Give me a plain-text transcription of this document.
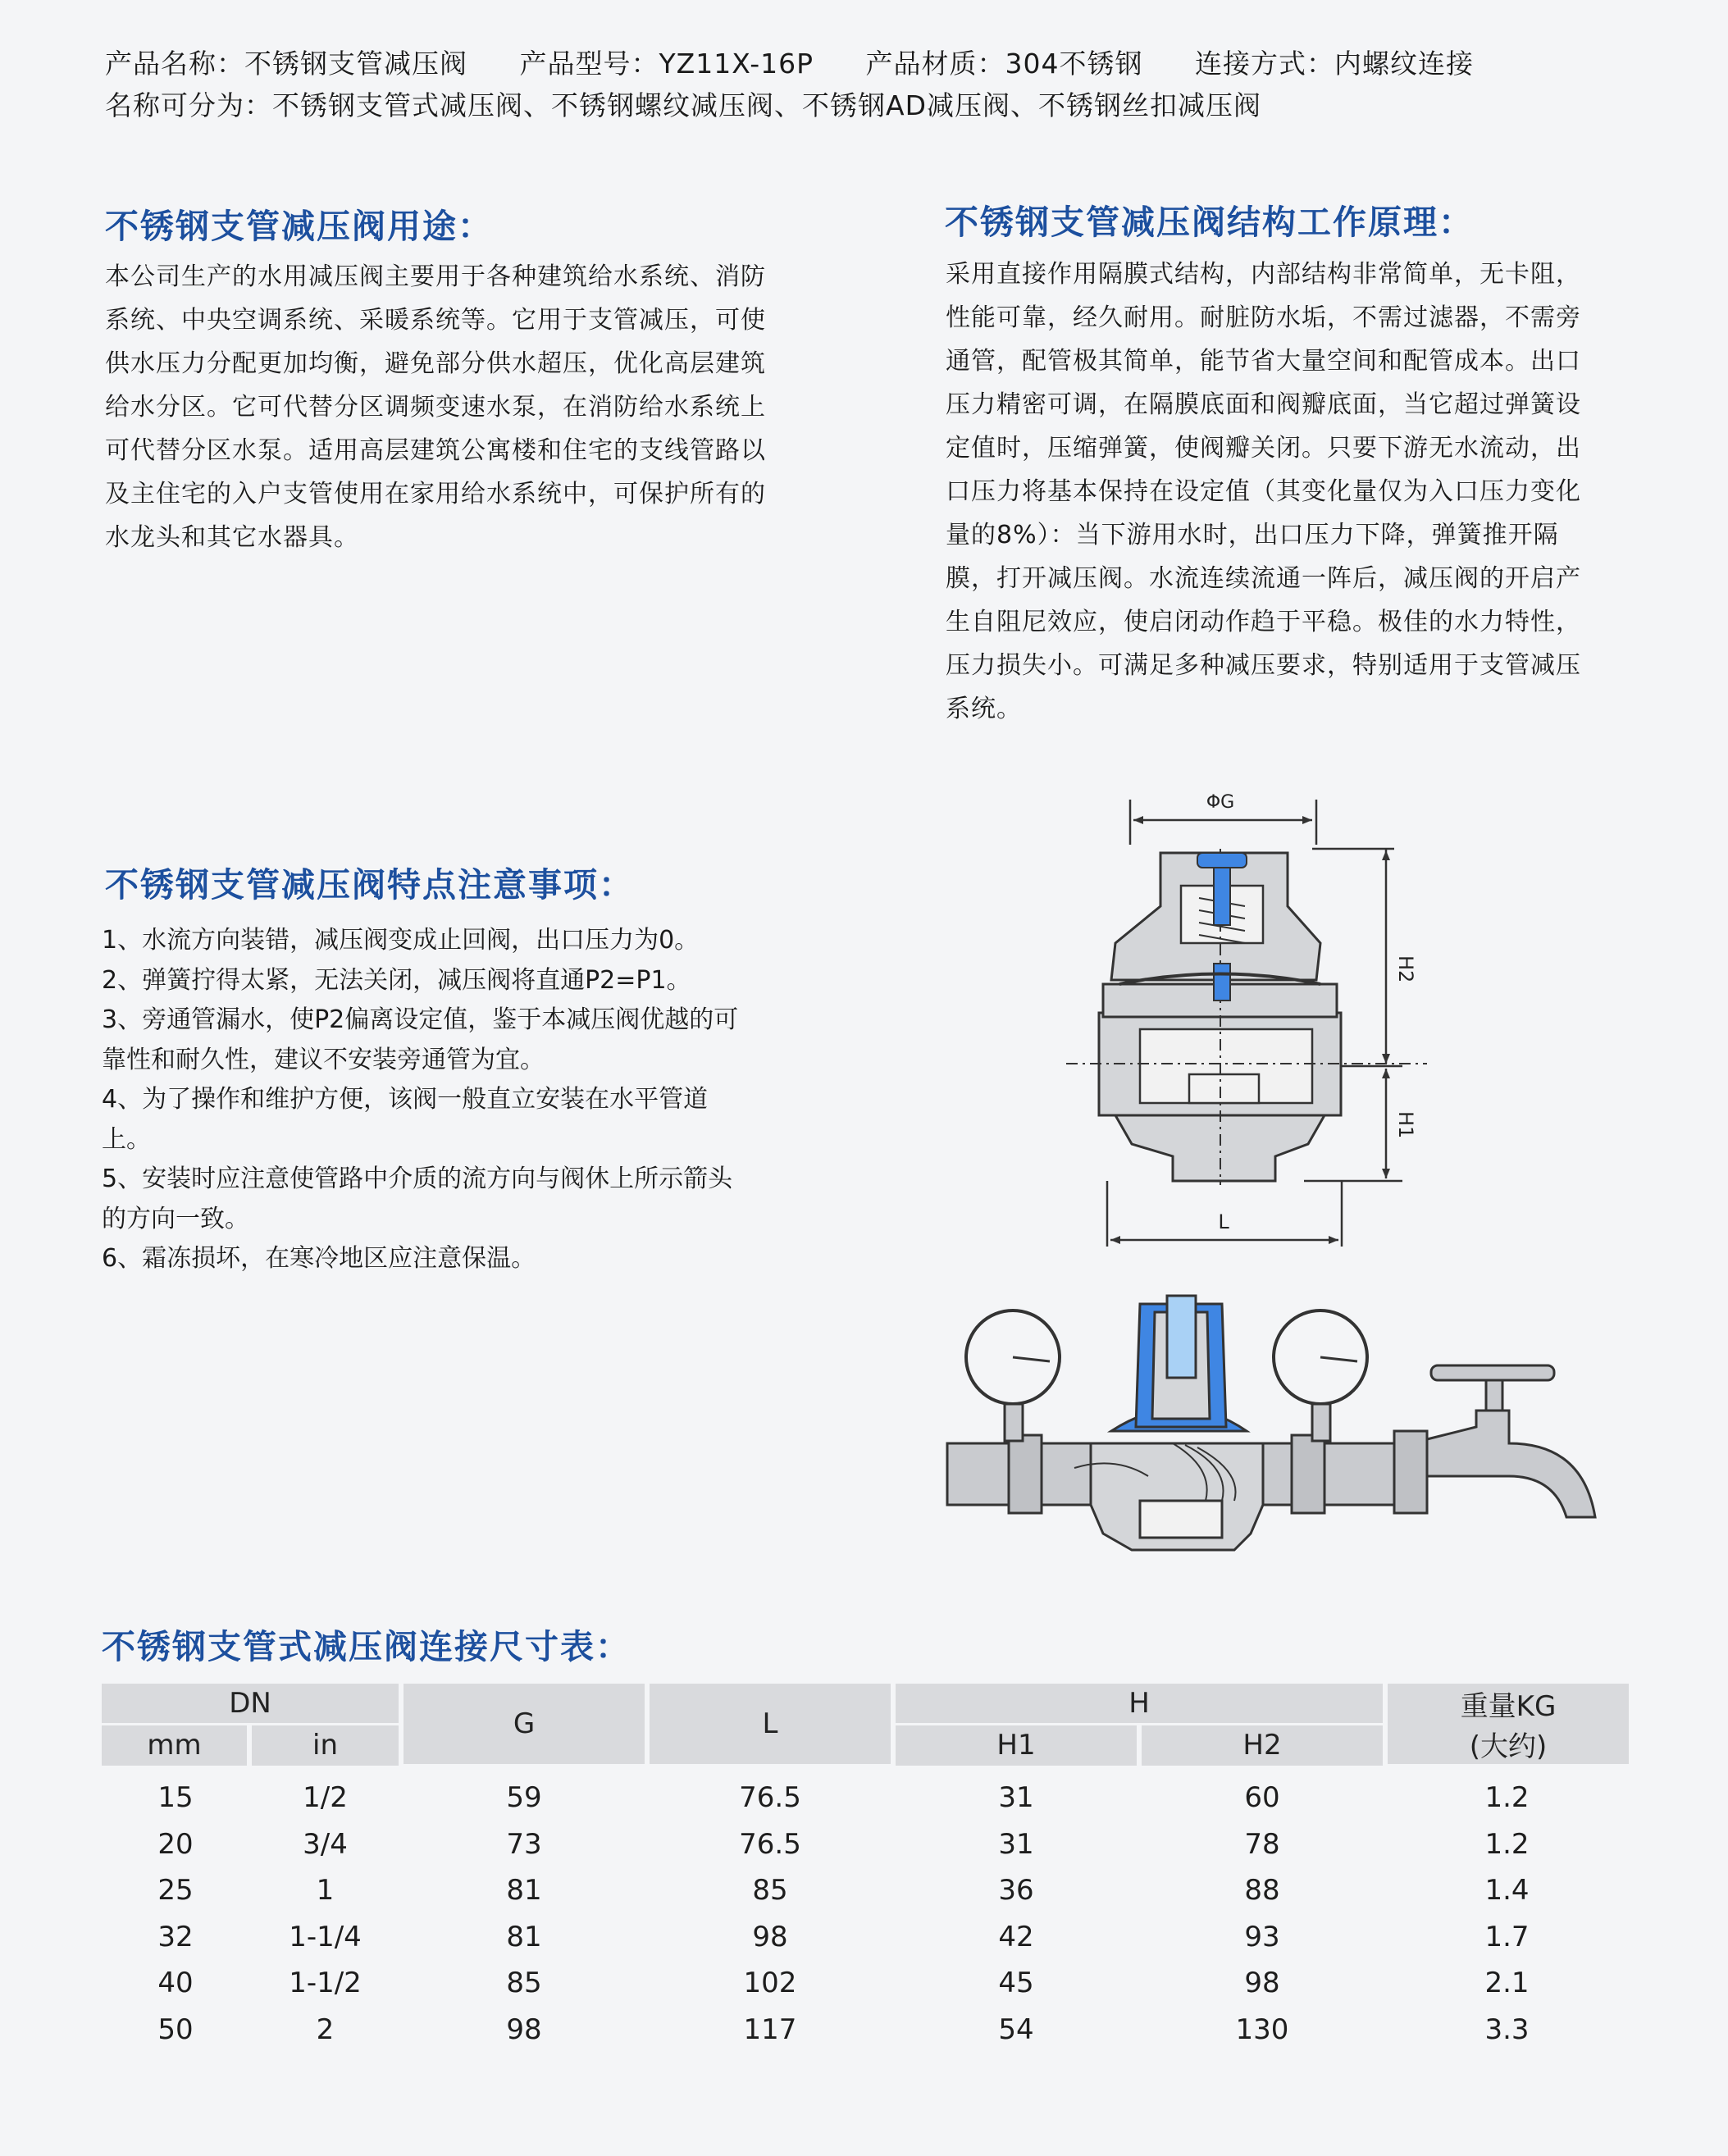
产品名称：不锈钢支管减压阀 产品型号：YZ11X-16P 产品材质：304不锈钢 连接方式：内螺纹连接
名称可分为：不锈钢支管式减压阀、不锈钢螺纹减压阀、不锈钢AD减压阀、不锈钢丝扣减压阀
不锈钢支管减压阀用途：

本公司生产的水用减压阀主要用于各种建筑给水系统、消防

系统、中央空调系统、采暖系统等。它用于支管减压，可使

供水压力分配更加均衡，避免部分供水超压，优化高层建筑

给水分区。它可代替分区调频变速水泵，在消防给水系统上

可代替分区水泵。适用高层建筑公寓楼和住宅的支线管路以

及主住宅的入户支管使用在家用给水系统中，可保护所有的

水龙头和其它水器具。

不锈钢支管减压阀结构工作原理：

采用直接作用隔膜式结构，内部结构非常简单，无卡阻，

性能可靠，经久耐用。耐脏防水垢，不需过滤器，不需旁

通管，配管极其简单，能节省大量空间和配管成本。出口

压力精密可调，在隔膜底面和阀瓣底面，当它超过弹簧设

定值时，压缩弹簧，使阀瓣关闭。只要下游无水流动，出

口压力将基本保持在设定值（其变化量仅为入口压力变化

量的8%）：当下游用水时，出口压力下降，弹簧推开隔

膜，打开减压阀。水流连续流通一阵后，减压阀的开启产

生自阻尼效应，使启闭动作趋于平稳。极佳的水力特性，

压力损失小。可满足多种减压要求，特别适用于支管减压

系统。

不锈钢支管减压阀特点注意事项：

1、水流方向装错，减压阀变成止回阀，出口压力为0。

2、弹簧拧得太紧，无法关闭，减压阀将直通P2=P1。

3、旁通管漏水，使P2偏离设定值，鉴于本减压阀优越的可

靠性和耐久性，建议不安装旁通管为宜。

4、为了操作和维护方便，该阀一般直立安装在水平管道

上。

5、安装时应注意使管路中介质的流方向与阀休上所示箭头

的方向一致。

6、霜冻损坏，在寒冷地区应注意保温。

ΦG
L
H2
H1
不锈钢支管式减压阀连接尺寸表：
DN		G	L	H		重量KG
(大约)

mm	in			H1	H2	
15	1/2	59	76.5	31	60	1.2
20	3/4	73	76.5	31	78	1.2
25	1	81	85	36	88	1.4
32	1-1/4	81	98	42	93	1.7
40	1-1/2	85	102	45	98	2.1
50	2	98	117	54	130	3.3
